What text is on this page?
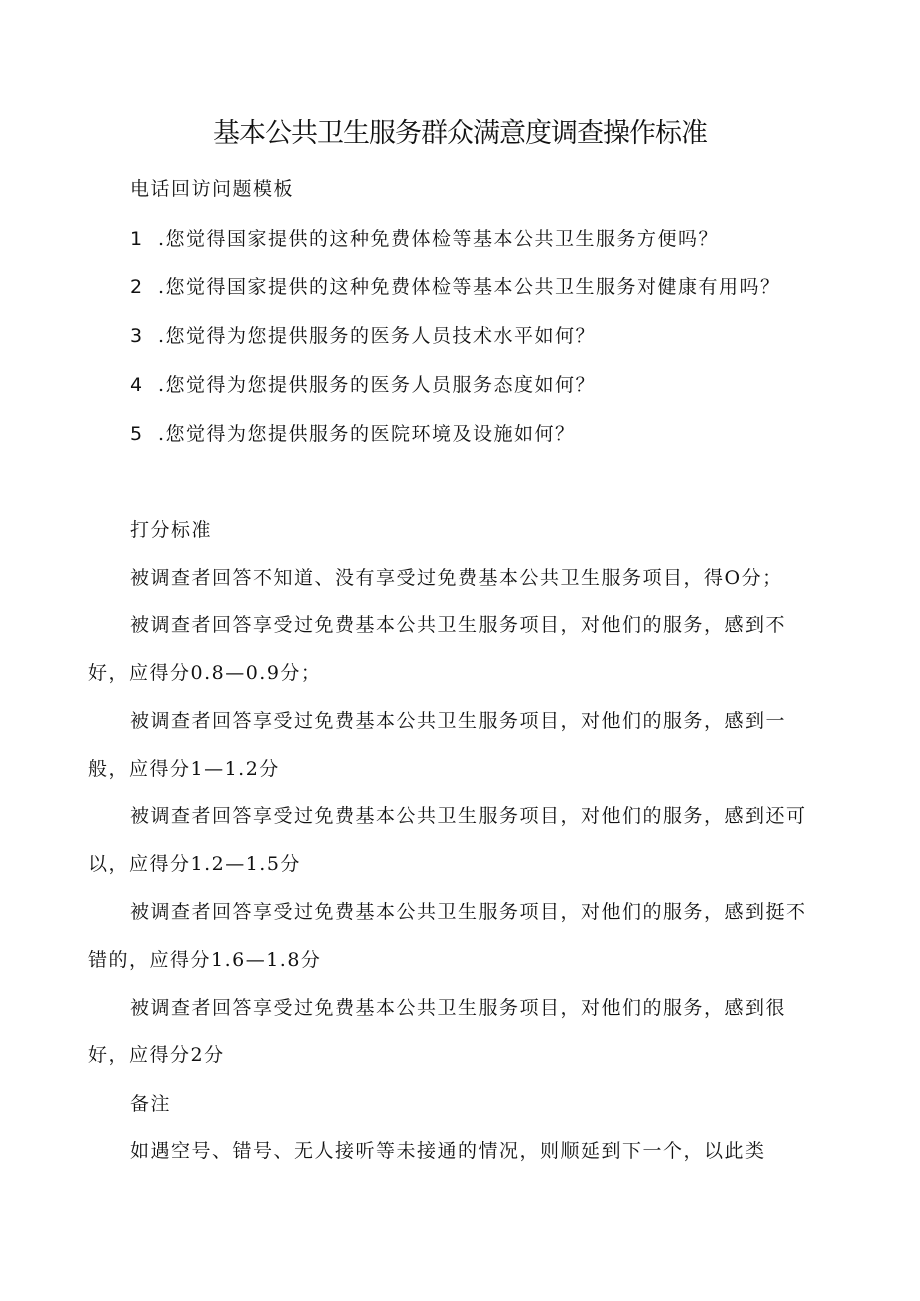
基本公共卫生服务群众满意度调查操作标准
电话回访问题模板
1 .您觉得国家提供的这种免费体检等基本公共卫生服务方便吗？
2 .您觉得国家提供的这种免费体检等基本公共卫生服务对健康有用吗？
3 .您觉得为您提供服务的医务人员技术水平如何？
4 .您觉得为您提供服务的医务人员服务态度如何？
5 .您觉得为您提供服务的医院环境及设施如何？
打分标准
被调查者回答不知道、没有享受过免费基本公共卫生服务项目，得O分；
被调查者回答享受过免费基本公共卫生服务项目，对他们的服务，感到不
好，应得分0.8—0.9分；
被调查者回答享受过免费基本公共卫生服务项目，对他们的服务，感到一
般，应得分1—1.2分
被调查者回答享受过免费基本公共卫生服务项目，对他们的服务，感到还可
以，应得分1.2—1.5分
被调查者回答享受过免费基本公共卫生服务项目，对他们的服务，感到挺不
错的，应得分1.6—1.8分
被调查者回答享受过免费基本公共卫生服务项目，对他们的服务，感到很
好，应得分2分
备注
如遇空号、错号、无人接听等未接通的情况，则顺延到下一个，以此类
